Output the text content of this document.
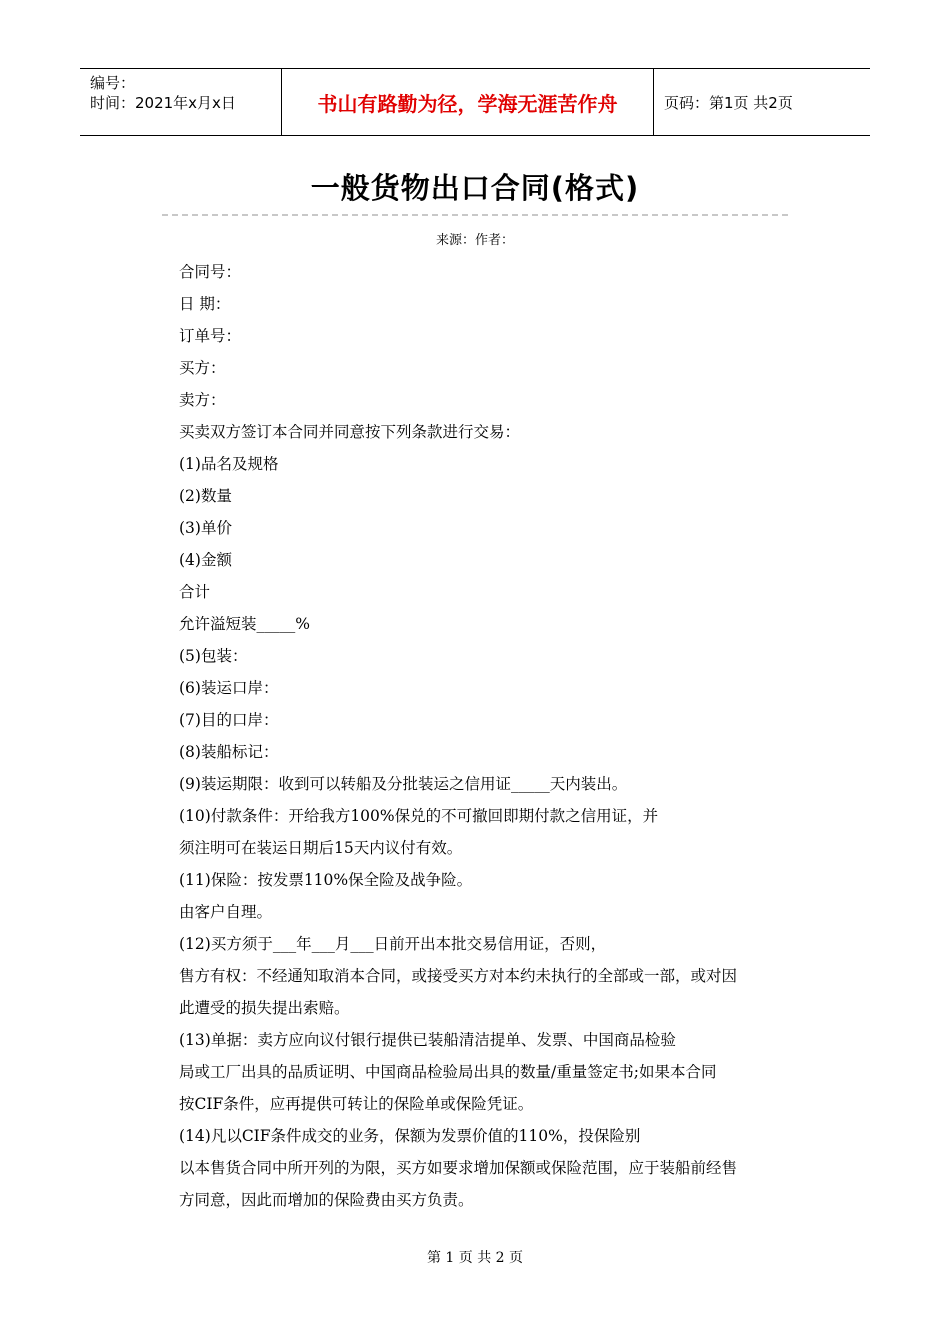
编号：
时间：2021年x月x日	书山有路勤为径，学海无涯苦作舟	页码：第1页 共2页
一般货物出口合同(格式)
来源：作者：
合同号：
日 期：
订单号：
买方：
卖方：
买卖双方签订本合同并同意按下列条款进行交易：
(1)品名及规格
(2)数量
(3)单价
(4)金额
合计
允许溢短装_____%
(5)包装：
(6)装运口岸：
(7)目的口岸：
(8)装船标记：
(9)装运期限：收到可以转船及分批装运之信用证_____天内装出。
(10)付款条件：开给我方100%保兑的不可撤回即期付款之信用证，并
须注明可在装运日期后15天内议付有效。
(11)保险：按发票110%保全险及战争险。
由客户自理。
(12)买方须于___年___月___日前开出本批交易信用证，否则，
售方有权：不经通知取消本合同，或接受买方对本约未执行的全部或一部，或对因
此遭受的损失提出索赔。
(13)单据：卖方应向议付银行提供已装船清洁提单、发票、中国商品检验
局或工厂出具的品质证明、中国商品检验局出具的数量/重量签定书;如果本合同
按CIF条件，应再提供可转让的保险单或保险凭证。
(14)凡以CIF条件成交的业务，保额为发票价值的110%，投保险别
以本售货合同中所开列的为限，买方如要求增加保额或保险范围，应于装船前经售
方同意，因此而增加的保险费由买方负责。
第 1 页 共 2 页
